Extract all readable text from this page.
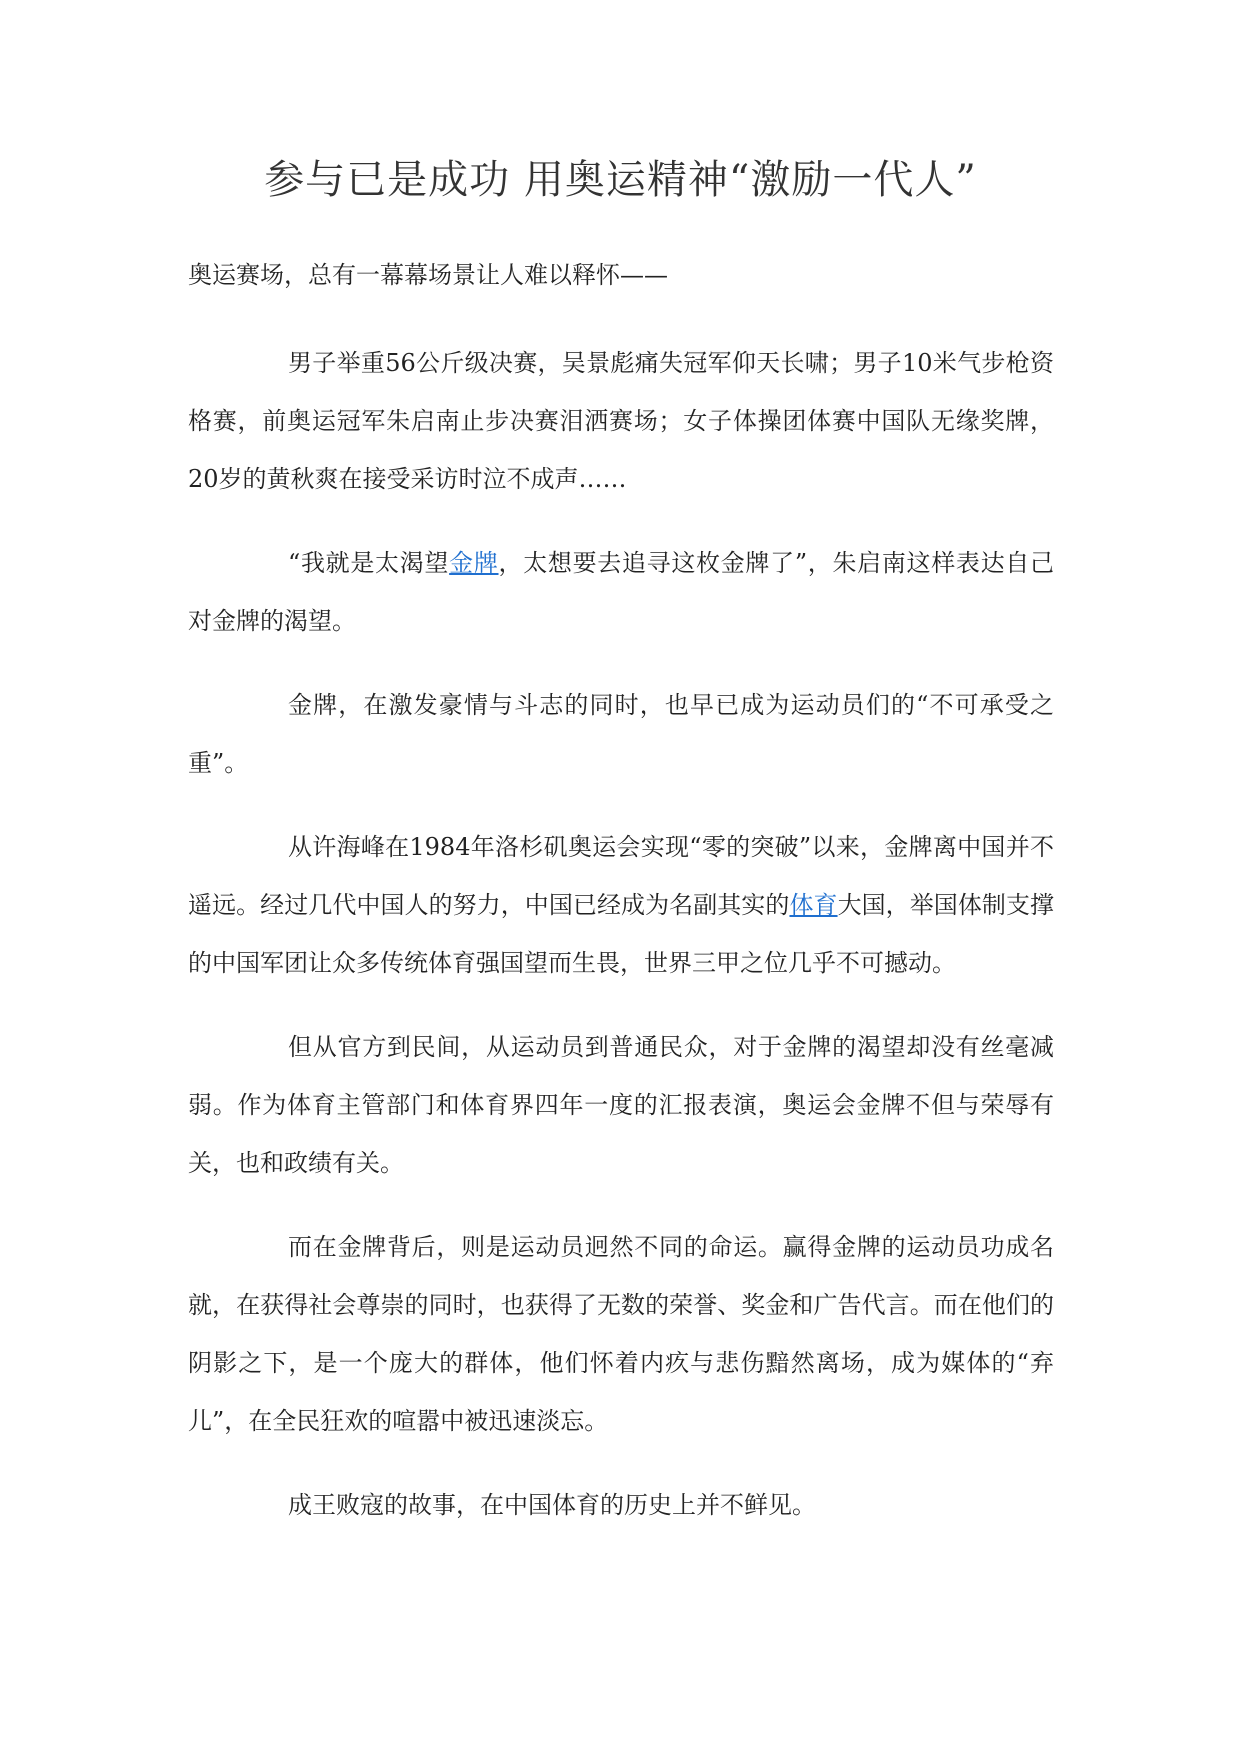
参与已是成功 用奥运精神“激励一代人”

奥运赛场，总有一幕幕场景让人难以释怀——

男子举重56公斤级决赛，吴景彪痛失冠军仰天长啸；男子10米气步枪资格赛，前奥运冠军朱启南止步决赛泪洒赛场；女子体操团体赛中国队无缘奖牌，20岁的黄秋爽在接受采访时泣不成声……

“我就是太渴望金牌，太想要去追寻这枚金牌了”，朱启南这样表达自己对金牌的渴望。

金牌，在激发豪情与斗志的同时，也早已成为运动员们的“不可承受之重”。

从许海峰在1984年洛杉矶奥运会实现“零的突破”以来，金牌离中国并不遥远。经过几代中国人的努力，中国已经成为名副其实的体育大国，举国体制支撑的中国军团让众多传统体育强国望而生畏，世界三甲之位几乎不可撼动。

但从官方到民间，从运动员到普通民众，对于金牌的渴望却没有丝毫减弱。作为体育主管部门和体育界四年一度的汇报表演，奥运会金牌不但与荣辱有关，也和政绩有关。

而在金牌背后，则是运动员迥然不同的命运。赢得金牌的运动员功成名就，在获得社会尊崇的同时，也获得了无数的荣誉、奖金和广告代言。而在他们的阴影之下，是一个庞大的群体，他们怀着内疚与悲伤黯然离场，成为媒体的“弃儿”，在全民狂欢的喧嚣中被迅速淡忘。

成王败寇的故事，在中国体育的历史上并不鲜见。
